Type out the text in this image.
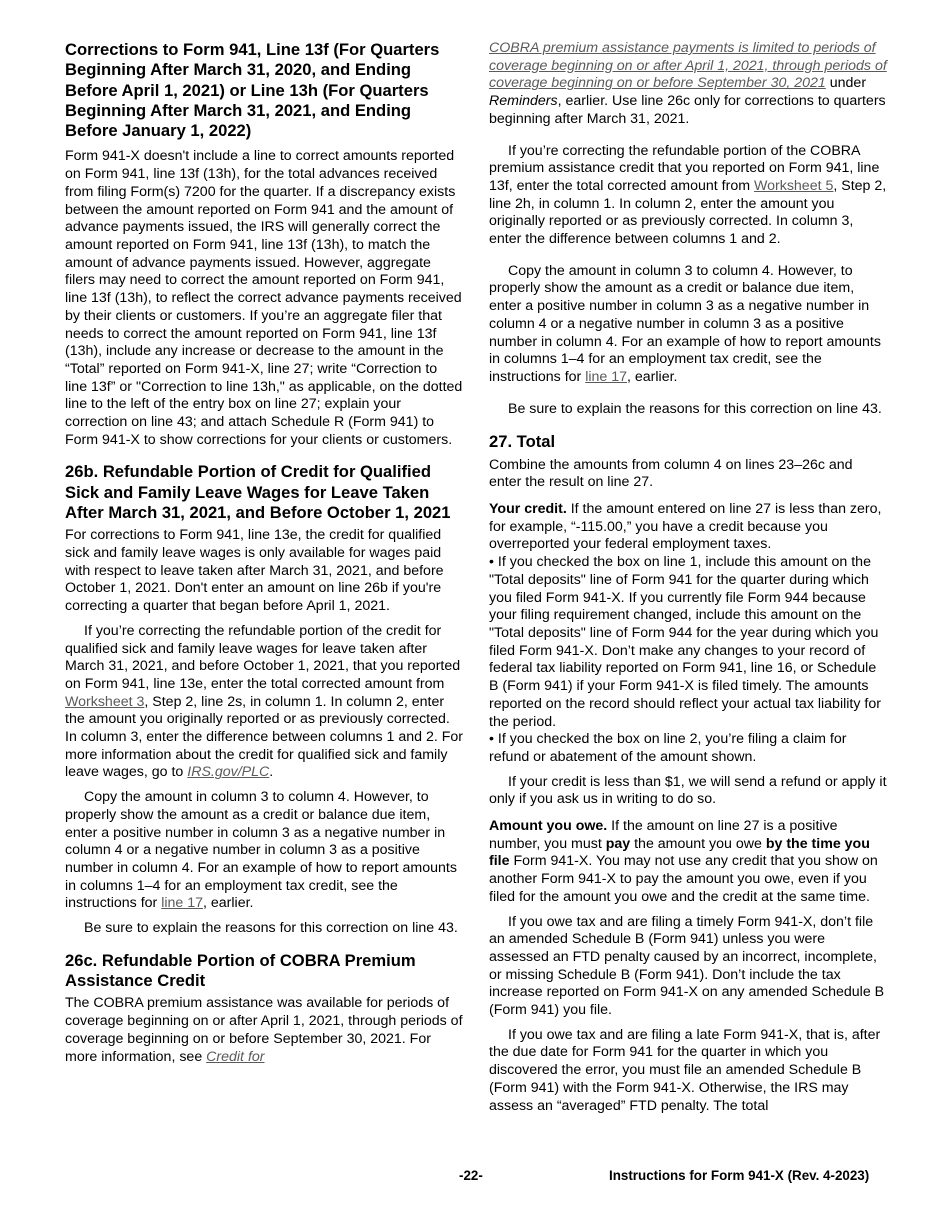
Corrections to Form 941, Line 13f (For Quarters Beginning After March 31, 2020, and Ending Before April 1, 2021) or Line 13h (For Quarters Beginning After March 31, 2021, and Ending Before January 1, 2022)

Form 941-X doesn't include a line to correct amounts reported on Form 941, line 13f (13h), for the total advances received from filing Form(s) 7200 for the quarter. If a discrepancy exists between the amount reported on Form 941 and the amount of advance payments issued, the IRS will generally correct the amount reported on Form 941, line 13f (13h), to match the amount of advance payments issued. However, aggregate filers may need to correct the amount reported on Form 941, line 13f (13h), to reflect the correct advance payments received by their clients or customers. If you’re an aggregate filer that needs to correct the amount reported on Form 941, line 13f (13h), include any increase or decrease to the amount in the “Total” reported on Form 941-X, line 27; write “Correction to line 13f” or "Correction to line 13h," as applicable, on the dotted line to the left of the entry box on line 27; explain your correction on line 43; and attach Schedule R (Form 941) to Form 941-X to show corrections for your clients or customers.

26b. Refundable Portion of Credit for Qualified Sick and Family Leave Wages for Leave Taken After March 31, 2021, and Before October 1, 2021

For corrections to Form 941, line 13e, the credit for qualified sick and family leave wages is only available for wages paid with respect to leave taken after March 31, 2021, and before October 1, 2021. Don't enter an amount on line 26b if you're correcting a quarter that began before April 1, 2021.

If you’re correcting the refundable portion of the credit for qualified sick and family leave wages for leave taken after March 31, 2021, and before October 1, 2021, that you reported on Form 941, line 13e, enter the total corrected amount from Worksheet 3, Step 2, line 2s, in column 1. In column 2, enter the amount you originally reported or as previously corrected. In column 3, enter the difference between columns 1 and 2. For more information about the credit for qualified sick and family leave wages, go to IRS.gov/PLC.

Copy the amount in column 3 to column 4. However, to properly show the amount as a credit or balance due item, enter a positive number in column 3 as a negative number in column 4 or a negative number in column 3 as a positive number in column 4. For an example of how to report amounts in columns 1–4 for an employment tax credit, see the instructions for line 17, earlier.

Be sure to explain the reasons for this correction on line 43.

26c. Refundable Portion of COBRA Premium Assistance Credit

The COBRA premium assistance was available for periods of coverage beginning on or after April 1, 2021, through periods of coverage beginning on or before September 30, 2021. For more information, see Credit for

COBRA premium assistance payments is limited to periods of coverage beginning on or after April 1, 2021, through periods of coverage beginning on or before September 30, 2021 under Reminders, earlier. Use line 26c only for corrections to quarters beginning after March 31, 2021.

If you’re correcting the refundable portion of the COBRA premium assistance credit that you reported on Form 941, line 13f, enter the total corrected amount from Worksheet 5, Step 2, line 2h, in column 1. In column 2, enter the amount you originally reported or as previously corrected. In column 3, enter the difference between columns 1 and 2.

Copy the amount in column 3 to column 4. However, to properly show the amount as a credit or balance due item, enter a positive number in column 3 as a negative number in column 4 or a negative number in column 3 as a positive number in column 4. For an example of how to report amounts in columns 1–4 for an employment tax credit, see the instructions for line 17, earlier.

Be sure to explain the reasons for this correction on line 43.

27. Total

Combine the amounts from column 4 on lines 23–26c and enter the result on line 27.

Your credit. If the amount entered on line 27 is less than zero, for example, “-115.00,” you have a credit because you overreported your federal employment taxes.

• If you checked the box on line 1, include this amount on the "Total deposits" line of Form 941 for the quarter during which you filed Form 941-X. If you currently file Form 944 because your filing requirement changed, include this amount on the "Total deposits" line of Form 944 for the year during which you filed Form 941-X. Don’t make any changes to your record of federal tax liability reported on Form 941, line 16, or Schedule B (Form 941) if your Form 941-X is filed timely. The amounts reported on the record should reflect your actual tax liability for the period.

• If you checked the box on line 2, you’re filing a claim for refund or abatement of the amount shown.

If your credit is less than $1, we will send a refund or apply it only if you ask us in writing to do so.

Amount you owe. If the amount on line 27 is a positive number, you must pay the amount you owe by the time you file Form 941-X. You may not use any credit that you show on another Form 941-X to pay the amount you owe, even if you filed for the amount you owe and the credit at the same time.

If you owe tax and are filing a timely Form 941-X, don’t file an amended Schedule B (Form 941) unless you were assessed an FTD penalty caused by an incorrect, incomplete, or missing Schedule B (Form 941). Don’t include the tax increase reported on Form 941-X on any amended Schedule B (Form 941) you file.

If you owe tax and are filing a late Form 941-X, that is, after the due date for Form 941 for the quarter in which you discovered the error, you must file an amended Schedule B (Form 941) with the Form 941-X. Otherwise, the IRS may assess an “averaged” FTD penalty. The total

-22-	Instructions for Form 941-X (Rev. 4-2023)
